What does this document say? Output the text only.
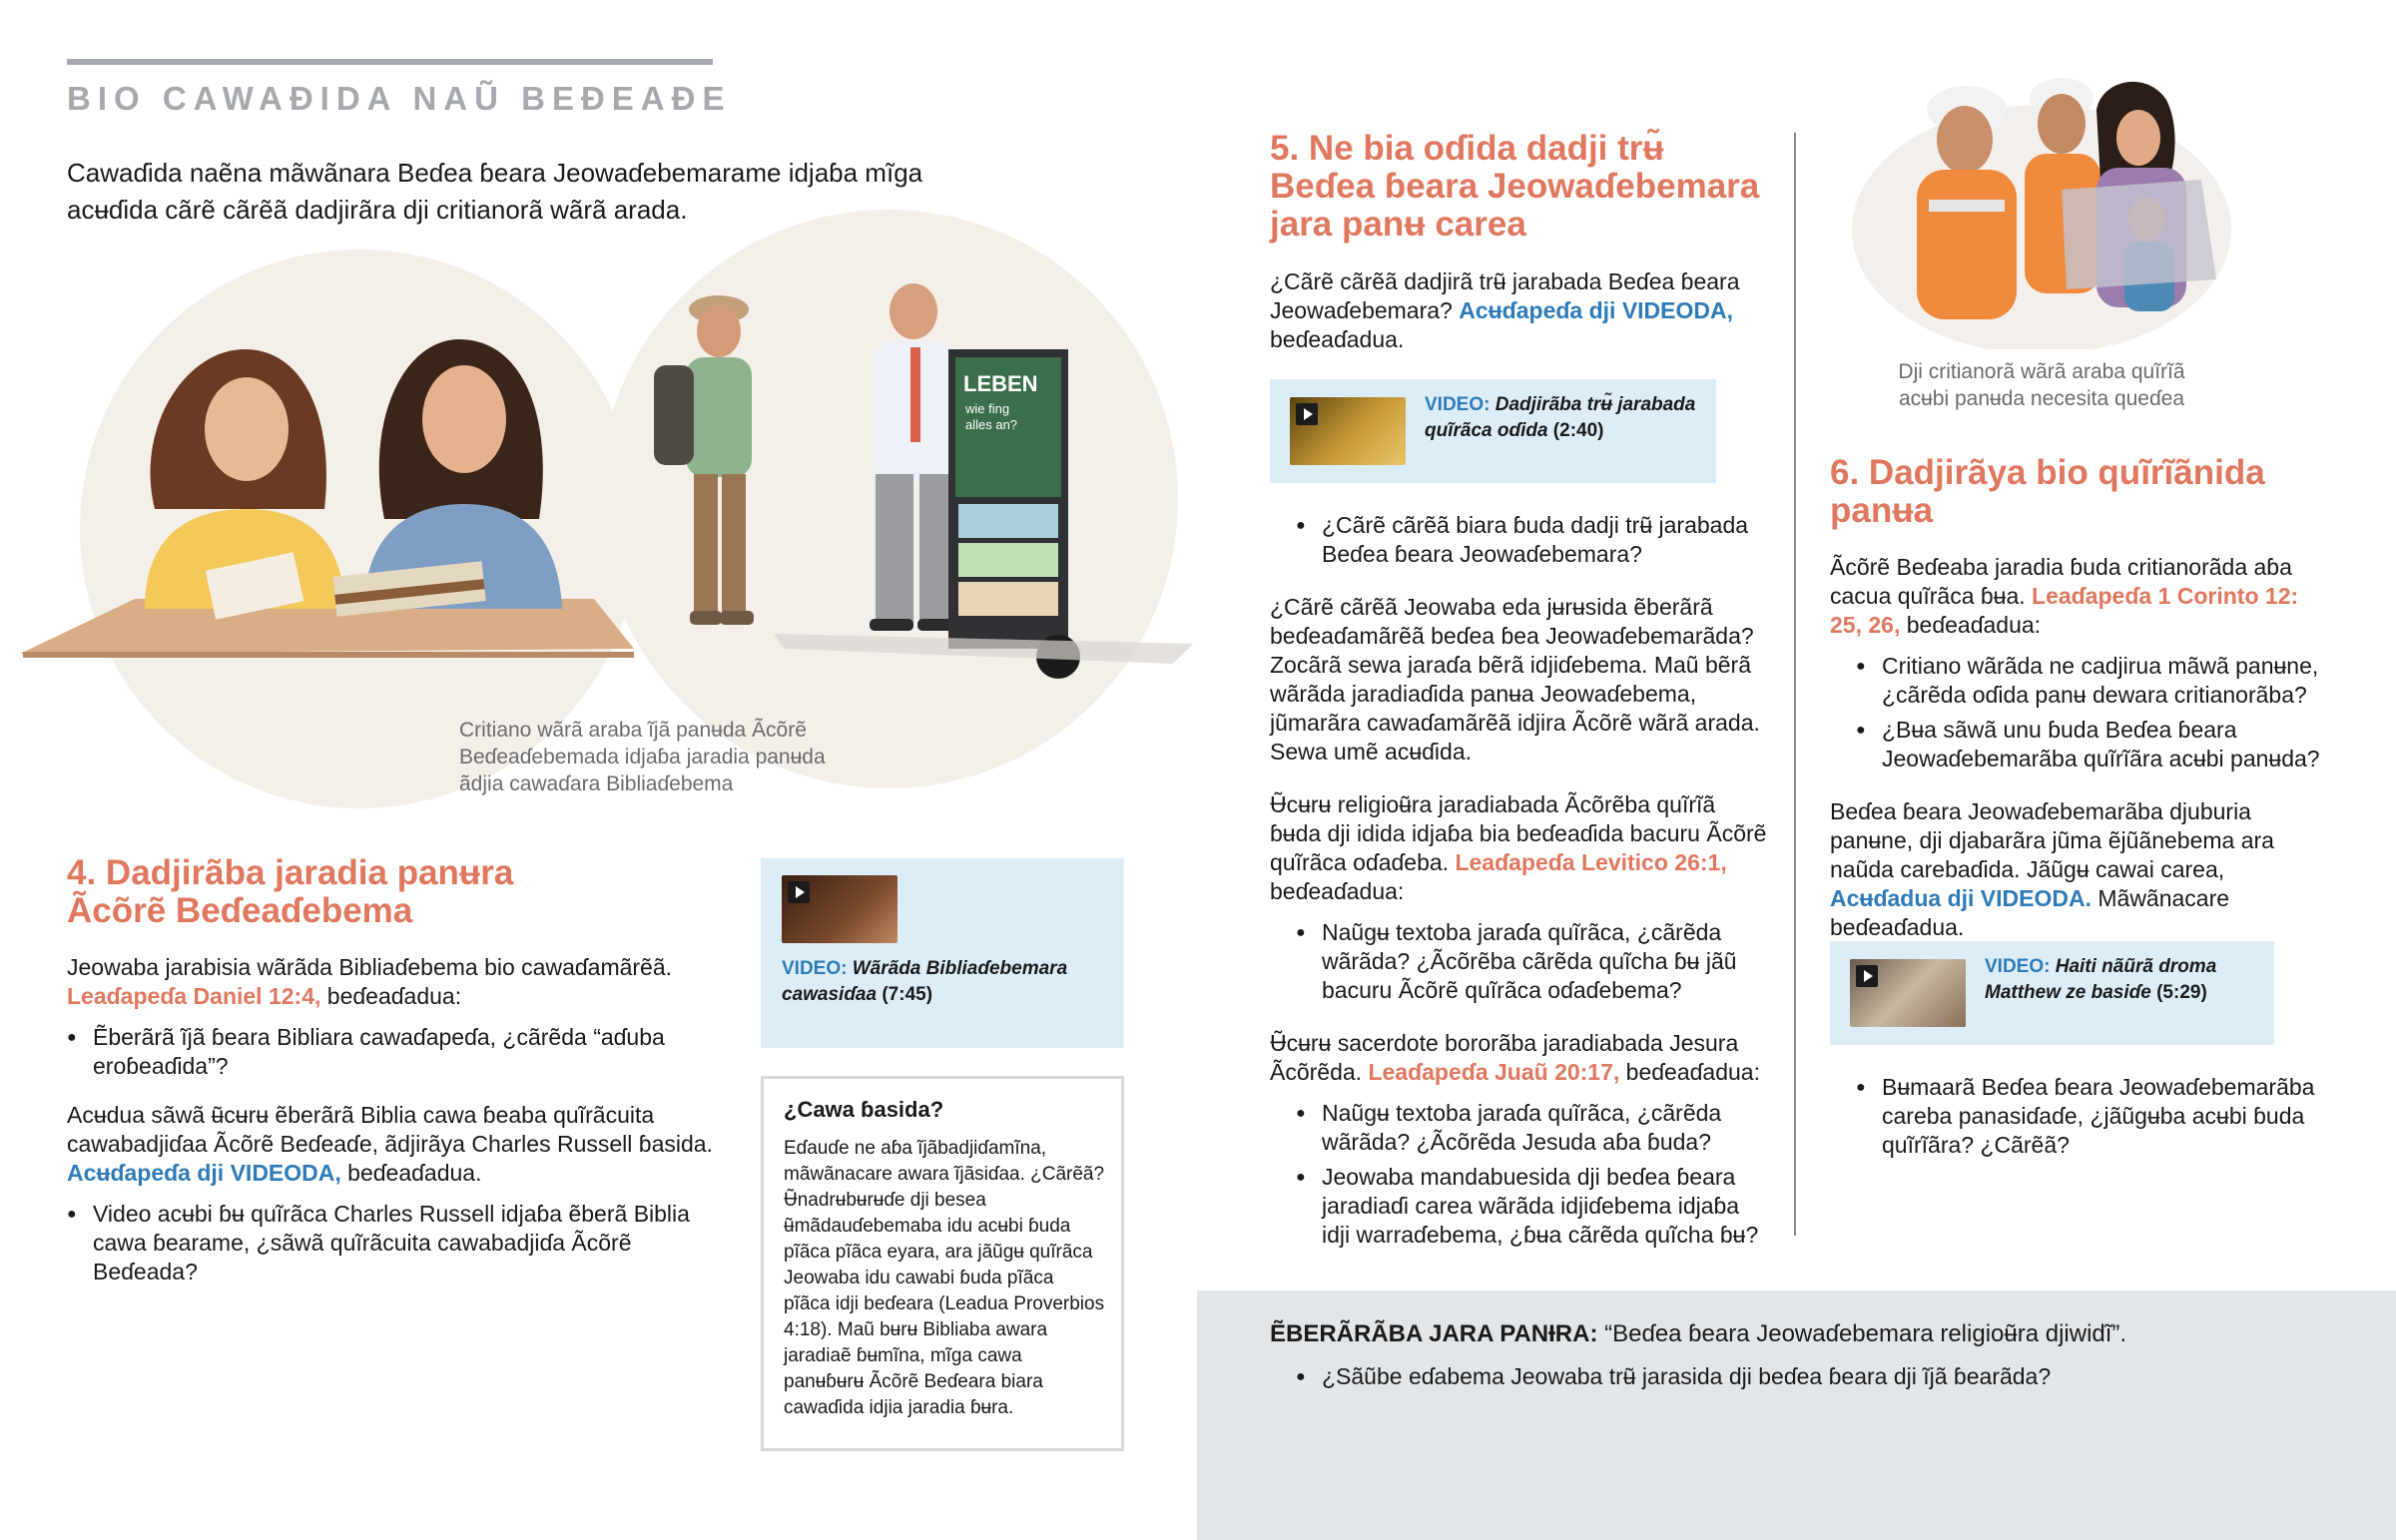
BIO CAWAƉIDA NAŨ BEƉEAƉE
Cawaɗida naẽna mãwãnara Beɗea ɓeara Jeowaɗebemarame idjaɓa mĩga acʉɗida cãrẽ cãrẽã dadjirãra dji critianorã wãrã arada.
LEBEN
wie fing
alles an?
Critiano wãrã araba ĩjã panʉda Ãcõrẽ
Beɗeaɗebemada idjaɓa jaradia panʉda
ãdjia cawaɗara Bibliaɗebema
4. Dadjirãba jaradia panʉra
Ãcõrẽ Beɗeaɗebema
Jeowaba jarabisia wãrãda Bibliaɗebema bio cawaɗamãrẽã.
Leaɗapeɗa Daniel 12:4, beɗeaɗadua:
● Ẽberãrã ĩjã ɓeara Bibliara cawaɗapeɗa, ¿cãrẽda “aɗuba eroɓeaɗida”?
Acʉdua sãwã ʉ̃cʉrʉ ẽberãrã Biblia cawa ɓeaba quĩrãcuita cawabadjiɗaa Ãcõrẽ Beɗeaɗe, ãdjirãya Charles Russell ɓasida.
Acʉɗapeɗa dji VIDEODA, beɗeaɗadua.
● Video acʉbi ɓʉ quĩrãca Charles Russell idjaɓa ẽberã Biblia cawa ɓearame, ¿sãwã quĩrãcuita cawabadjiɗa Ãcõrẽ Beɗeada?
VIDEO: Wãrãda Bibliaɗebemara cawasiɗaa (7:45)
¿Cawa ɓasida?
Eɗauɗe ne aɓa ĩjãbadjiɗamĩna, mãwãnacare awara ĩjãsiɗaa. ¿Cãrẽã? Ʉ̃nadrʉbʉrʉɗe dji besea ʉ̃mãdauɗebemaba idu acʉbi ɓuda pĩãca pĩãca eyara, ara jãũgʉ quĩrãca Jeowaba idu cawabi ɓuda pĩãca pĩãca idji beɗeara (Leadua Proverbios 4:18). Maũ bʉrʉ Bibliaba awara jaradiaẽ ɓʉmĩna, mĩga cawa panʉɓʉrʉ Ãcõrẽ Beɗeara biara cawaɗida idjia jaradia ɓʉra.
5. Ne bia oɗida dadji trʉ̃
Beɗea ɓeara Jeowaɗebemara
jara panʉ carea
¿Cãrẽ cãrẽã dadjirã trʉ̃ jarabada Beɗea ɓeara Jeowaɗebemara? Acʉɗapeɗa dji VIDEODA, beɗeaɗadua.
VIDEO: Dadjirãba trʉ̃ jarabada quĩrãca oɗida (2:40)
● ¿Cãrẽ cãrẽã biara ɓuda dadji trʉ̃ jarabada Beɗea ɓeara Jeowaɗebemara?
¿Cãrẽ cãrẽã Jeowaba eda jʉrʉsida ẽberãrã beɗeaɗamãrẽã beɗea ɓea Jeowaɗebemarãda? Zocãrã sewa jaraɗa bẽrã idjiɗebema. Maũ bẽrã wãrãda jaradiaɗida panʉa Jeowaɗebema, jũmarãra cawaɗamãrẽã idjira Ãcõrẽ wãrã arada. Sewa umẽ acʉɗida.
Ʉ̃cʉrʉ religioʉ̃ra jaradiabada Ãcõrẽba quĩrĩã ɓʉda dji idida idjaɓa bia beɗeaɗida bacuru Ãcõrẽ quĩrãca oɗaɗeba. Leaɗapeɗa Levitico 26:1, beɗeaɗadua:
● Naũgʉ textoba jaraɗa quĩrãca, ¿cãrẽda wãrãda? ¿Ãcõrẽba cãrẽda quĩcha ɓʉ jãũ bacuru Ãcõrẽ quĩrãca oɗaɗebema?
Ʉ̃cʉrʉ sacerdote bororãba jaradiabada Jesura Ãcõrẽda. Leaɗapeɗa Juaũ 20:17, beɗeaɗadua:
● Naũgʉ textoba jaraɗa quĩrãca, ¿cãrẽda wãrãda? ¿Ãcõrẽda Jesuda aɓa ɓuda?
● Jeowaba mandabuesida dji beɗea ɓeara jaradiaɗi carea wãrãda idjiɗebema idjaɓa idji warraɗebema, ¿ɓʉa cãrẽda quĩcha ɓʉ?
Dji critianorã wãrã araba quĩrĩã
acʉbi panʉda necesita queɗea
6. Dadjirãya bio quĩrĩãnida
panʉa
Ãcõrẽ Beɗeaba jaradia ɓuda critianorãda aɓa cacua quĩrãca ɓʉa. Leaɗapeɗa 1 Corinto 12: 25, 26, beɗeaɗadua:
● Critiano wãrãda ne cadjirua mãwã panʉne, ¿cãrẽda oɗida panʉ dewara critianorãba?
● ¿Bʉa sãwã unu ɓuda Beɗea ɓeara Jeowaɗebemarãba quĩrĩãra acʉbi panʉda?
Beɗea ɓeara Jeowaɗebemarãba djuburia panʉne, dji djabarãra jũma ẽjũãnebema ara naũda carebaɗida. Jãũgʉ cawai carea, Acʉɗadua dji VIDEODA. Mãwãnacare beɗeaɗadua.
VIDEO: Haiti nãũrã droma Matthew ze basiɗe (5:29)
● Bʉmaarã Beɗea ɓeara Jeowaɗebemarãba careba panasiɗaɗe, ¿jãũgʉba acʉbi ɓuda quĩrĩãra? ¿Cãrẽã?
ẼBERÃRÃBA JARA PANƗRA: “Beɗea ɓeara Jeowaɗebemara religioʉ̃ra djiwidĩ”.
● ¿Sãũbe eɗabema Jeowaba trʉ̃ jarasida dji beɗea ɓeara dji ĩjã ɓearãda?
